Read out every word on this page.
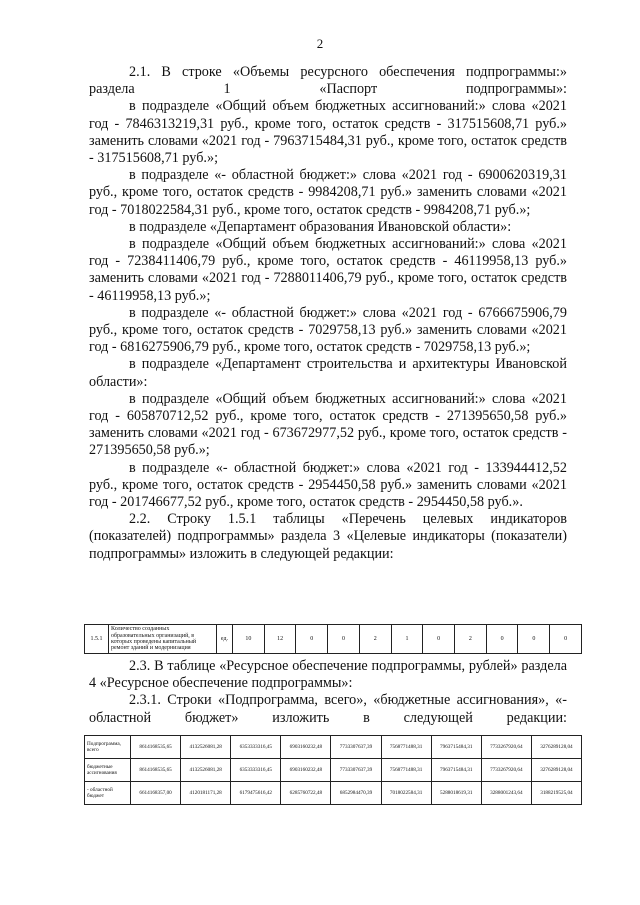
2

2.1. В строке «Объемы ресурсного обеспечения подпрограммы:» раздела 1 «Паспорт подпрограммы»:

в подразделе «Общий объем бюджетных ассигнований:» слова «2021 год - 7846313219,31 руб., кроме того, остаток средств - 317515608,71 руб.» заменить словами «2021 год - 7963715484,31 руб., кроме того, остаток средств - 317515608,71 руб.»;

в подразделе «- областной бюджет:» слова «2021 год - 6900620319,31 руб., кроме того, остаток средств - 9984208,71 руб.» заменить словами «2021 год - 7018022584,31 руб., кроме того, остаток средств - 9984208,71 руб.»;

в подразделе «Департамент образования Ивановской области»:

в подразделе «Общий объем бюджетных ассигнований:» слова «2021 год - 7238411406,79 руб., кроме того, остаток средств - 46119958,13 руб.» заменить словами «2021 год - 7288011406,79 руб., кроме того, остаток средств - 46119958,13 руб.»;

в подразделе «- областной бюджет:» слова «2021 год - 6766675906,79 руб., кроме того, остаток средств - 7029758,13 руб.» заменить словами «2021 год - 6816275906,79 руб., кроме того, остаток средств - 7029758,13 руб.»;

в подразделе «Департамент строительства и архитектуры Ивановской области»:

в подразделе «Общий объем бюджетных ассигнований:» слова «2021 год - 605870712,52 руб., кроме того, остаток средств - 271395650,58 руб.» заменить словами «2021 год - 673672977,52 руб., кроме того, остаток средств - 271395650,58 руб.»;

в подразделе «- областной бюджет:» слова «2021 год - 133944412,52 руб., кроме того, остаток средств - 2954450,58 руб.» заменить словами «2021 год - 201746677,52 руб., кроме того, остаток средств - 2954450,58 руб.».

2.2. Строку 1.5.1 таблицы «Перечень целевых индикаторов (показателей) подпрограммы» раздела 3 «Целевые индикаторы (показатели) подпрограммы» изложить в следующей редакции:

1.5.1	Количество созданных образовательных организаций, в которых проведены капитальный ремонт зданий и модернизация	ед.	10	12	0	0	2	1	0	2	0	0	0

2.3. В таблице «Ресурсное обеспечение подпрограммы, рублей» раздела 4 «Ресурсное обеспечение подпрограммы»:

2.3.1. Строки «Подпрограмма, всего», «бюджетные ассигнования», «- областной бюджет» изложить в следующей редакции:

Подпрограмма, всего	8614168535,65	4132526081,28	6353333316,45	6903160232,48	7733307637,39	7568771488,31	7963715484,31	7733267920,64	3276289128,04
бюджетные ассигнования	8614168535,65	4132526081,28	6353333316,45	6903160232,48	7733307637,39	7568771488,31	7963715484,31	7733267920,64	3276289128,04
- областной бюджет	6614168357,00	4120181171,28	6179475616,42	6285760722,48	6852984470,39	7018022584,31	5288018619,31	3288001243,64	3188219525,04
